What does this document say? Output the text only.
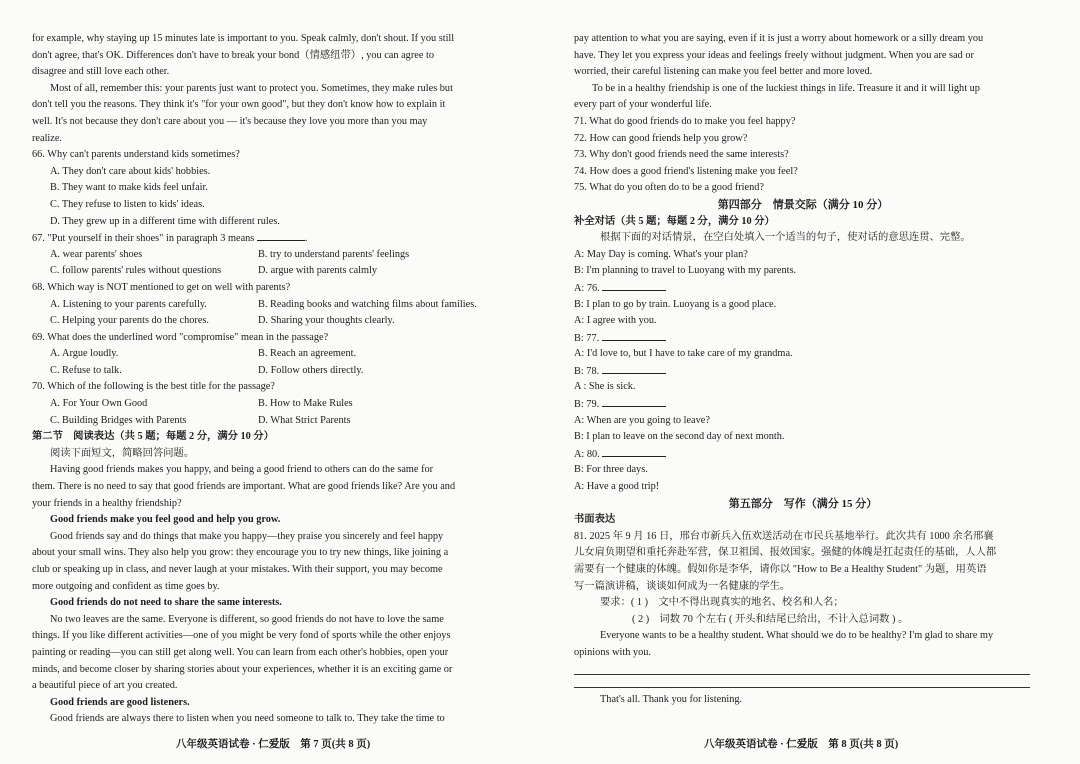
for example, why staying up 15 minutes late is important to you. Speak calmly, don't shout. If you still
don't agree, that's OK. Differences don't have to break your bond（情感纽带）, you can agree to
disagree and still love each other.
Most of all, remember this: your parents just want to protect you. Sometimes, they make rules but
don't tell you the reasons. They think it's "for your own good", but they don't know how to explain it
well. It's not because they don't care about you — it's because they love you more than you may
realize.
66. Why can't parents understand kids sometimes?
A. They don't care about kids' hobbies.
B. They want to make kids feel unfair.
C. They refuse to listen to kids' ideas.
D. They grew up in a different time with different rules.
67. "Put yourself in their shoes" in paragraph 3 means	.
A. wear parents' shoes	B. try to understand parents' feelings
C. follow parents' rules without questions	D. argue with parents calmly
68. Which way is NOT mentioned to get on well with parents?
A. Listening to your parents carefully.	B. Reading books and watching films about families.
C. Helping your parents do the chores.	D. Sharing your thoughts clearly.
69. What does the underlined word "compromise" mean in the passage?
A. Argue loudly.	B. Reach an agreement.
C. Refuse to talk.	D. Follow others directly.
70. Which of the following is the best title for the passage?
A. For Your Own Good	B. How to Make Rules
C. Building Bridges with Parents	D. What Strict Parents
第二节　阅读表达（共 5 题；每题 2 分，满分 10 分）
阅读下面短文，简略回答问题。
Having good friends makes you happy, and being a good friend to others can do the same for
them. There is no need to say that good friends are important. What are good friends like? Are you and
your friends in a healthy friendship?
Good friends make you feel good and help you grow.
Good friends say and do things that make you happy—they praise you sincerely and feel happy
about your small wins. They also help you grow: they encourage you to try new things, like joining a
club or speaking up in class, and never laugh at your mistakes. With their support, you may become
more outgoing and confident as time goes by.
Good friends do not need to share the same interests.
No two leaves are the same. Everyone is different, so good friends do not have to love the same
things. If you like different activities—one of you might be very fond of sports while the other enjoys
painting or reading—you can still get along well. You can learn from each other's hobbies, open your
minds, and become closer by sharing stories about your experiences, whether it is an exciting game or
a beautiful piece of art you created.
Good friends are good listeners.
Good friends are always there to listen when you need someone to talk to. They take the time to
八年级英语试卷 · 仁爱版　第 7 页(共 8 页)
pay attention to what you are saying, even if it is just a worry about homework or a silly dream you
have. They let you express your ideas and feelings freely without judgment. When you are sad or
worried, their careful listening can make you feel better and more loved.
To be in a healthy friendship is one of the luckiest things in life. Treasure it and it will light up
every part of your wonderful life.
71. What do good friends do to make you feel happy?
72. How can good friends help you grow?
73. Why don't good friends need the same interests?
74. How does a good friend's listening make you feel?
75. What do you often do to be a good friend?
第四部分　情景交际（满分 10 分）
补全对话（共 5 题；每题 2 分，满分 10 分）
根据下面的对话情景，在空白处填入一个适当的句子，使对话的意思连贯、完整。
A: May Day is coming. What's your plan?
B: I'm planning to travel to Luoyang with my parents.
A: 76.
B: I plan to go by train. Luoyang is a good place.
A: I agree with you.
B: 77.
A: I'd love to, but I have to take care of my grandma.
B: 78.
A : She is sick.
B: 79.
A: When are you going to leave?
B: I plan to leave on the second day of next month.
A: 80.
B: For three days.
A: Have a good trip!
第五部分　写作（满分 15 分）
书面表达
81. 2025 年 9 月 16 日，邢台市新兵入伍欢送活动在市民兵基地举行。此次共有 1000 余名邢襄
儿女肩负期望和重托奔赴军营，保卫祖国、报效国家。强健的体魄是扛起责任的基础，人人都
需要有一个健康的体魄。假如你是李华，请你以 "How to Be a Healthy Student" 为题，用英语
写一篇演讲稿，谈谈如何成为一名健康的学生。
要求：( 1 )　文中不得出现真实的地名、校名和人名；
( 2 )　词数 70 个左右 ( 开头和结尾已给出，不计入总词数 ) 。
Everyone wants to be a healthy student. What should we do to be healthy? I'm glad to share my
opinions with you.
That's all. Thank you for listening.
八年级英语试卷 · 仁爱版　第 8 页(共 8 页)
